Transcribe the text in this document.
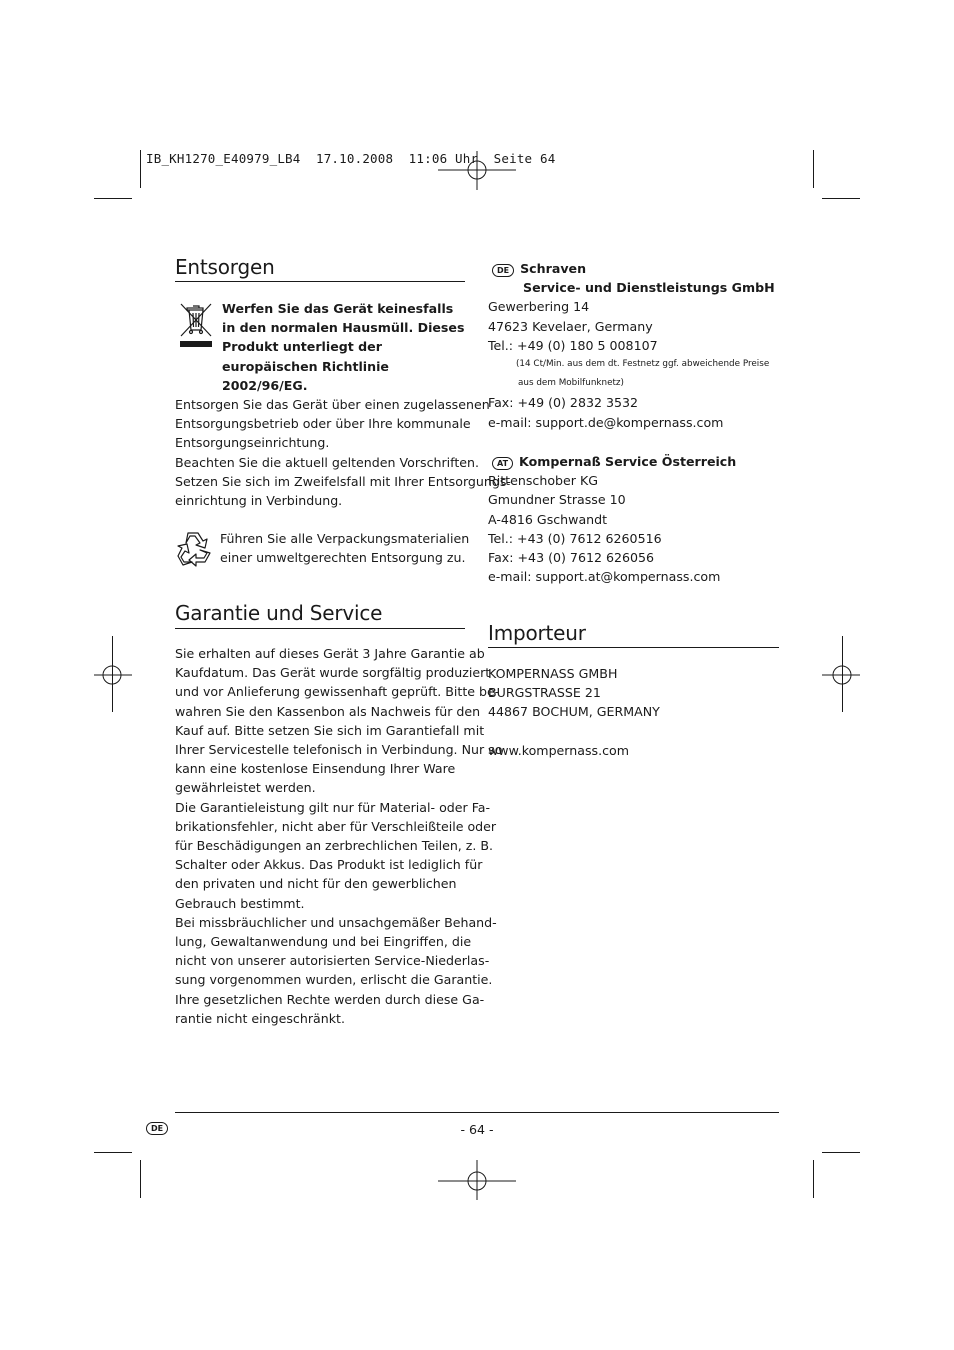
IB_KH1270_E40979_LB4  17.10.2008  11:06 Uhr  Seite 64
Entsorgen
Werfen Sie das Gerät keinesfalls in den normalen Hausmüll. Dieses Produkt unterliegt der europäischen Richtlinie 2002/96/EG.
Entsorgen Sie das Gerät über einen zugelassenen
Entsorgungsbetrieb oder über Ihre kommunale
Entsorgungseinrichtung.
Beachten Sie die aktuell geltenden Vorschriften.
Setzen Sie sich im Zweifelsfall mit Ihrer Entsorgungs-
einrichtung in Verbindung.
Führen Sie alle Verpackungsmaterialien
einer umweltgerechten Entsorgung zu.
Garantie und Service
Sie erhalten auf dieses Gerät 3 Jahre Garantie ab
Kaufdatum. Das Gerät wurde sorgfältig produziert
und vor Anlieferung gewissenhaft geprüft. Bitte be-
wahren Sie den Kassenbon als Nachweis für den
Kauf auf. Bitte setzen Sie sich im Garantiefall mit
Ihrer Servicestelle telefonisch in Verbindung. Nur so
kann eine kostenlose Einsendung Ihrer Ware
gewährleistet werden.
Die Garantieleistung gilt nur für Material- oder Fa-
brikationsfehler, nicht aber für Verschleißteile oder
für Beschädigungen an zerbrechlichen Teilen, z. B.
Schalter oder Akkus. Das Produkt ist lediglich für
den privaten und nicht für den gewerblichen
Gebrauch bestimmt.
Bei missbräuchlicher und unsachgemäßer Behand-
lung, Gewaltanwendung und bei Eingriffen, die
nicht von unserer autorisierten Service-Niederlas-
sung vorgenommen wurden, erlischt die Garantie.
Ihre gesetzlichen Rechte werden durch diese Ga-
rantie nicht eingeschränkt.
DE Schraven
Service- und Dienstleistungs GmbH
Gewerbering 14
47623 Kevelaer, Germany
Tel.: +49 (0) 180 5 008107
(14 Ct/Min. aus dem dt. Festnetz ggf. abweichende Preise
aus dem Mobilfunknetz)
Fax: +49 (0) 2832 3532
e-mail: support.de@kompernass.com
AT Kompernaß Service Österreich
Rittenschober KG
Gmundner Strasse 10
A-4816 Gschwandt
Tel.: +43 (0) 7612 6260516
Fax: +43 (0) 7612 626056
e-mail: support.at@kompernass.com
Importeur
KOMPERNASS GMBH
BURGSTRASSE 21
44867 BOCHUM, GERMANY
www.kompernass.com
DE	- 64 -
